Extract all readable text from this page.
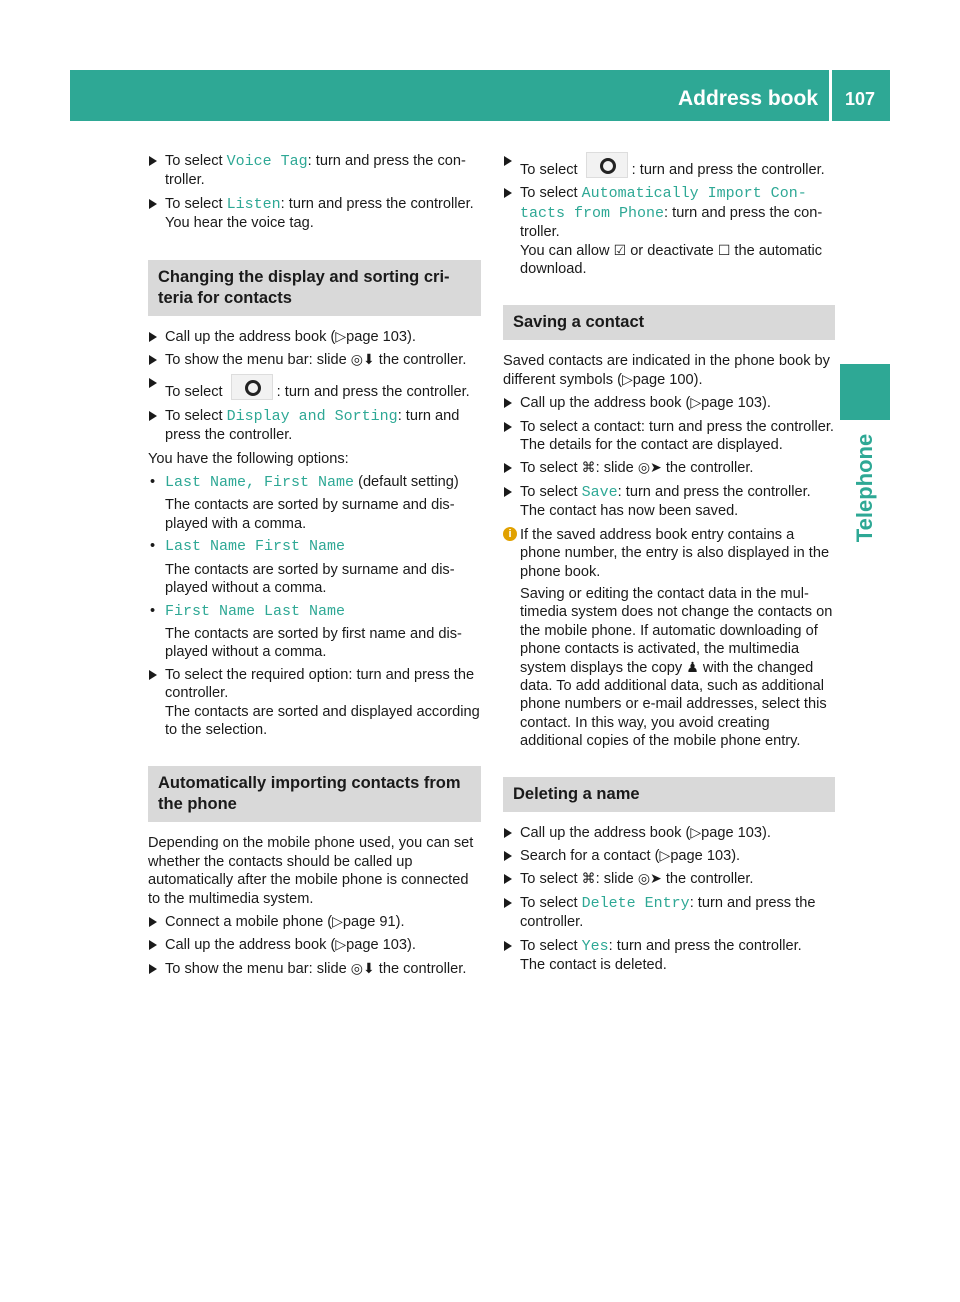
Address book 107
Telephone
To select Voice Tag: turn and press the controller.
To select Listen: turn and press the controller.
You hear the voice tag.
Changing the display and sorting criteria for contacts
Call up the address book (▷page 103).
To show the menu bar: slide ◎⬇ the controller.
To select	: turn and press the controller.
To select Display and Sorting: turn and press the controller.
You have the following options:
• Last Name, First Name (default setting)
The contacts are sorted by surname and displayed with a comma.
• Last Name First Name
The contacts are sorted by surname and displayed without a comma.
• First Name Last Name
The contacts are sorted by first name and displayed without a comma.
To select the required option: turn and press the controller.
The contacts are sorted and displayed according to the selection.
Automatically importing contacts from the phone
Depending on the mobile phone used, you can set whether the contacts should be called up automatically after the mobile phone is connected to the multimedia system.
Connect a mobile phone (▷page 91).
Call up the address book (▷page 103).
To show the menu bar: slide ◎⬇ the controller.
To select	: turn and press the controller.
To select Automatically Import Contacts from Phone: turn and press the controller.
You can allow ☑ or deactivate ☐ the automatic download.
Saving a contact
Saved contacts are indicated in the phone book by different symbols (▷page 100).
Call up the address book (▷page 103).
To select a contact: turn and press the controller.
The details for the contact are displayed.
To select ⌘: slide ◎➤ the controller.
To select Save: turn and press the controller.
The contact has now been saved.
i If the saved address book entry contains a phone number, the entry is also displayed in the phone book.
Saving or editing the contact data in the multimedia system does not change the contacts on the mobile phone. If automatic downloading of phone contacts is activated, the multimedia system displays the copy ♟ with the changed data. To add additional data, such as additional phone numbers or e-mail addresses, select this contact. In this way, you avoid creating additional copies of the mobile phone entry.
Deleting a name
Call up the address book (▷page 103).
Search for a contact (▷page 103).
To select ⌘: slide ◎➤ the controller.
To select Delete Entry: turn and press the controller.
To select Yes: turn and press the controller.
The contact is deleted.
